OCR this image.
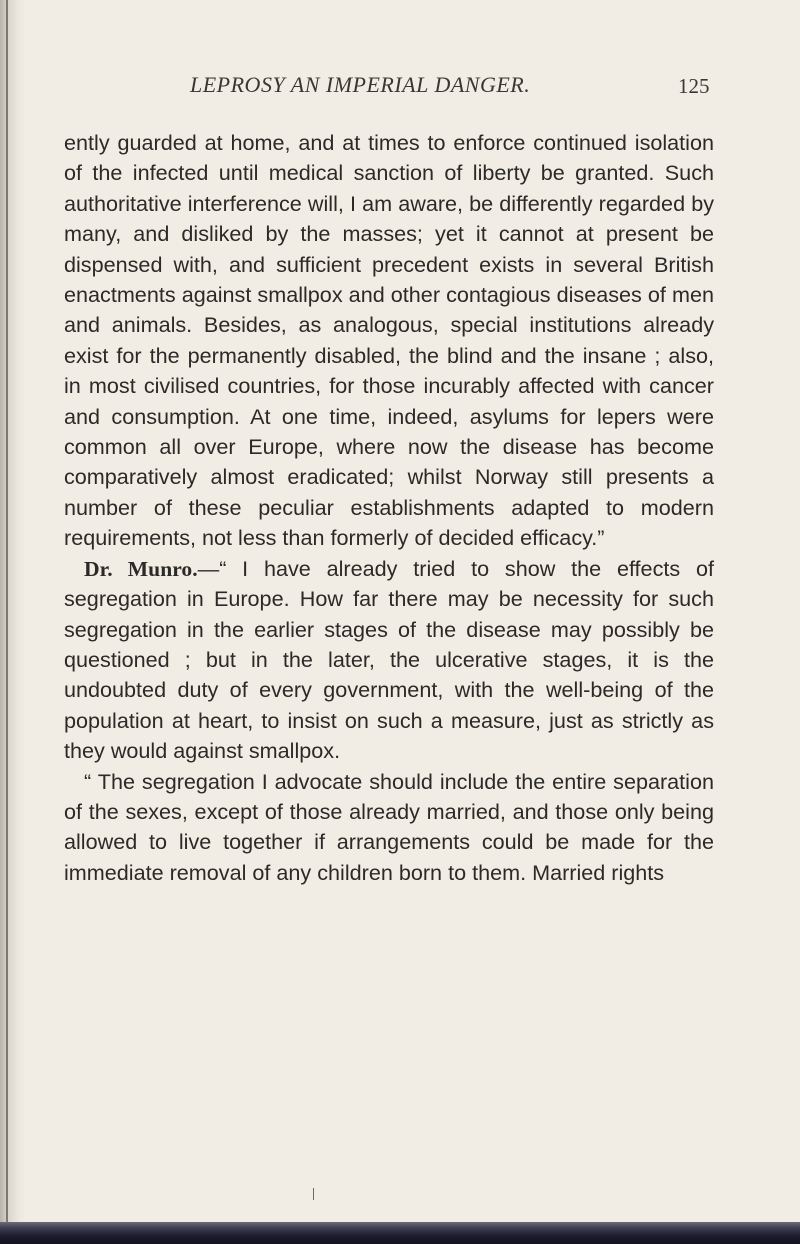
LEPROSY AN IMPERIAL DANGER.	125

ently guarded at home, and at times to enforce continued isolation of the infected until medical sanction of liberty be granted. Such authoritative interference will, I am aware, be differently regarded by many, and disliked by the masses; yet it cannot at present be dispensed with, and sufficient precedent exists in several British enactments against smallpox and other contagious diseases of men and animals. Besides, as analogous, special institutions already exist for the permanently disabled, the blind and the insane ; also, in most civilised countries, for those incurably affected with cancer and consumption. At one time, indeed, asylums for lepers were common all over Europe, where now the disease has become comparatively almost eradicated; whilst Norway still presents a number of these peculiar establishments adapted to modern requirements, not less than formerly of decided efficacy.”

Dr. Munro.—“ I have already tried to show the effects of segregation in Europe. How far there may be necessity for such segregation in the earlier stages of the disease may possibly be questioned ; but in the later, the ulcerative stages, it is the undoubted duty of every government, with the well-being of the population at heart, to insist on such a measure, just as strictly as they would against smallpox.

“ The segregation I advocate should include the entire separation of the sexes, except of those already married, and those only being allowed to live together if arrangements could be made for the immediate removal of any children born to them. Married rights
